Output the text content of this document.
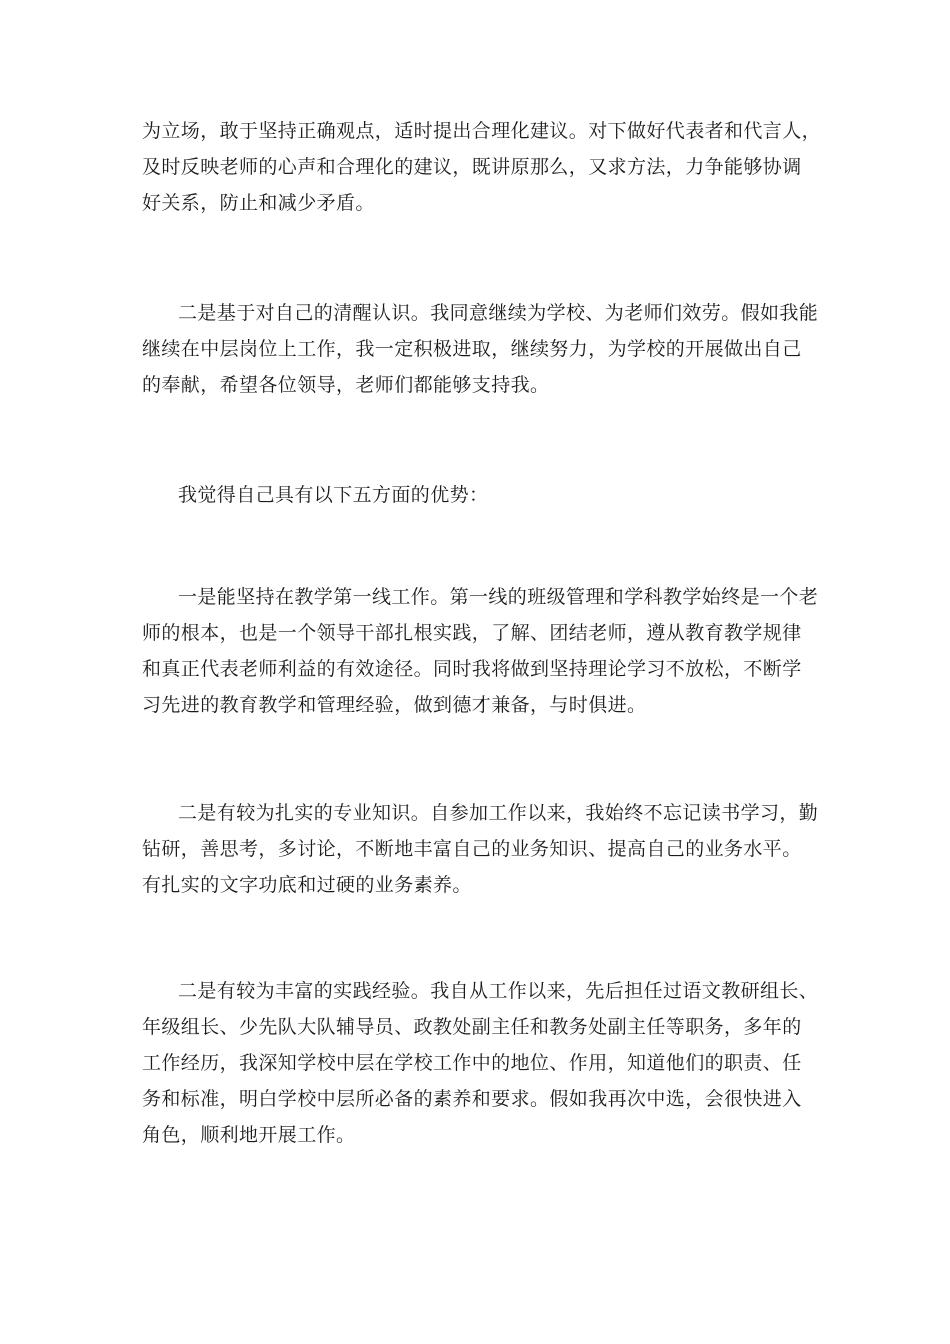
为立场，敢于坚持正确观点，适时提出合理化建议。对下做好代表者和代言人，
及时反映老师的心声和合理化的建议，既讲原那么，又求方法，力争能够协调
好关系，防止和减少矛盾。

二是基于对自己的清醒认识。我同意继续为学校、为老师们效劳。假如我能
继续在中层岗位上工作，我一定积极进取，继续努力，为学校的开展做出自己
的奉献，希望各位领导，老师们都能够支持我。

我觉得自己具有以下五方面的优势：

一是能坚持在教学第一线工作。第一线的班级管理和学科教学始终是一个老
师的根本，也是一个领导干部扎根实践，了解、团结老师，遵从教育教学规律
和真正代表老师利益的有效途径。同时我将做到坚持理论学习不放松，不断学
习先进的教育教学和管理经验，做到德才兼备，与时俱进。

二是有较为扎实的专业知识。自参加工作以来，我始终不忘记读书学习，勤
钻研，善思考，多讨论，不断地丰富自己的业务知识、提高自己的业务水平。
有扎实的文字功底和过硬的业务素养。

二是有较为丰富的实践经验。我自从工作以来，先后担任过语文教研组长、
年级组长、少先队大队辅导员、政教处副主任和教务处副主任等职务，多年的
工作经历，我深知学校中层在学校工作中的地位、作用，知道他们的职责、任
务和标准，明白学校中层所必备的素养和要求。假如我再次中选，会很快进入
角色，顺利地开展工作。
